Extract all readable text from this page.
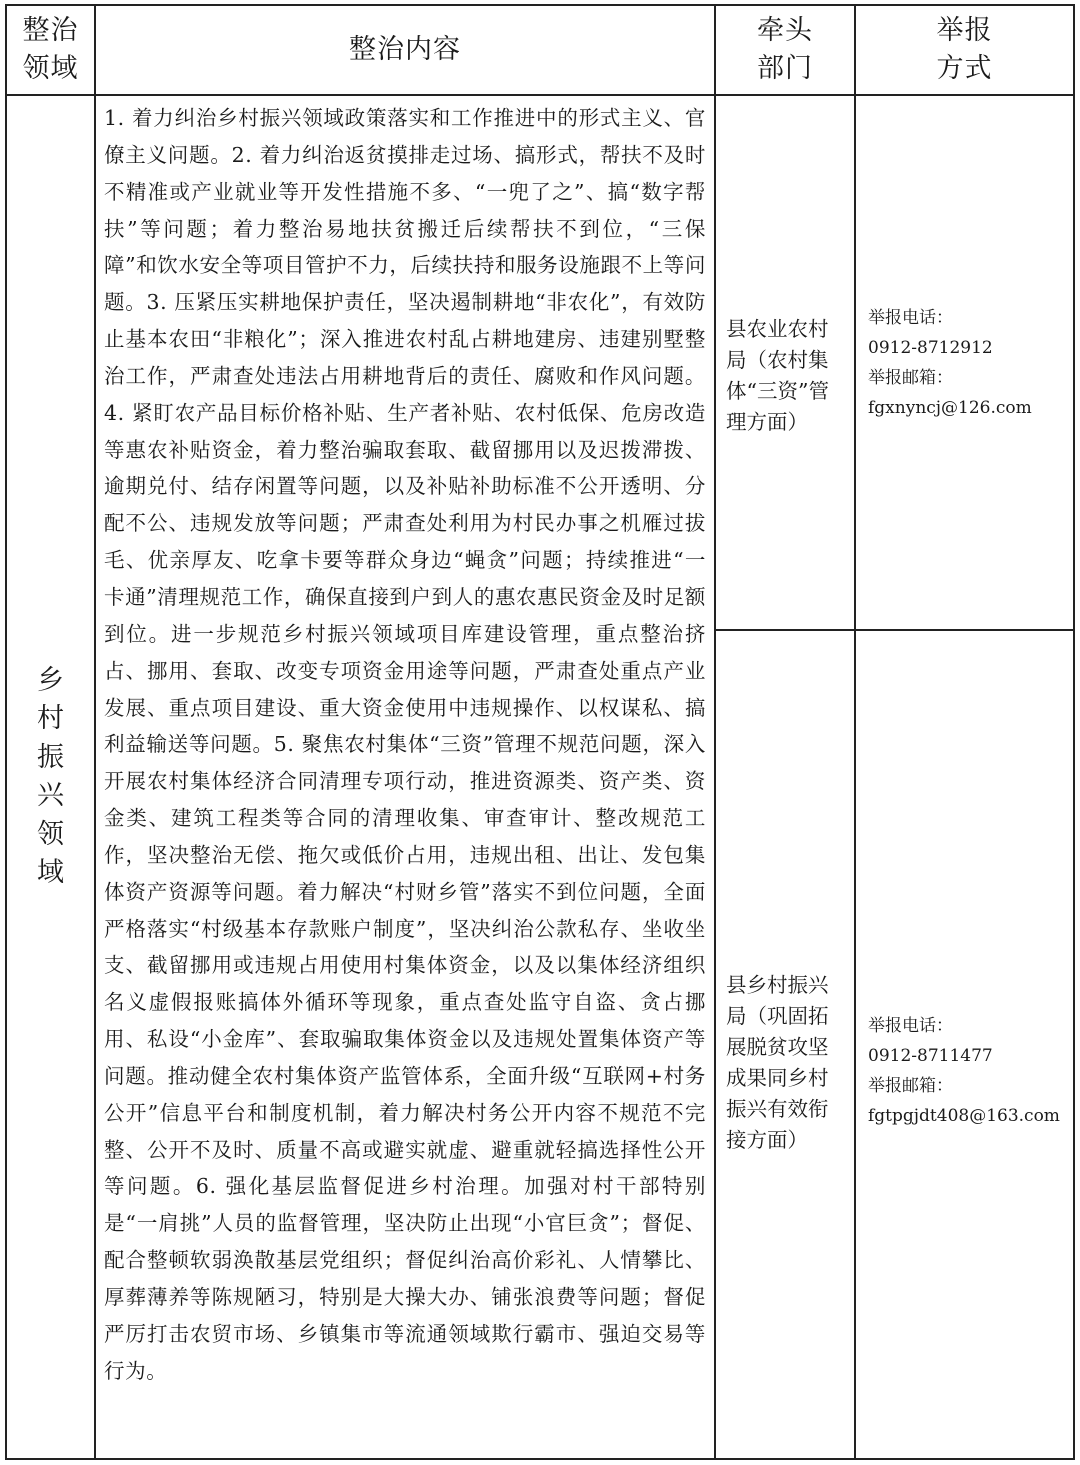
整治
领域
整治内容
牵头
部门
举报
方式
乡
村
振
兴
领
域
1. 着力纠治乡村振兴领域政策落实和工作推进中的形式主义、官僚主义问题。2. 着力纠治返贫摸排走过场、搞形式，帮扶不及时不精准或产业就业等开发性措施不多、“一兜了之”、搞“数字帮扶”等问题；着力整治易地扶贫搬迁后续帮扶不到位，“三保障”和饮水安全等项目管护不力，后续扶持和服务设施跟不上等问题。3. 压紧压实耕地保护责任，坚决遏制耕地“非农化”，有效防止基本农田“非粮化”；深入推进农村乱占耕地建房、违建别墅整治工作，严肃查处违法占用耕地背后的责任、腐败和作风问题。4. 紧盯农产品目标价格补贴、生产者补贴、农村低保、危房改造等惠农补贴资金，着力整治骗取套取、截留挪用以及迟拨滞拨、逾期兑付、结存闲置等问题，以及补贴补助标准不公开透明、分配不公、违规发放等问题；严肃查处利用为村民办事之机雁过拔毛、优亲厚友、吃拿卡要等群众身边“蝇贪”问题；持续推进“一卡通”清理规范工作，确保直接到户到人的惠农惠民资金及时足额到位。进一步规范乡村振兴领域项目库建设管理，重点整治挤占、挪用、套取、改变专项资金用途等问题，严肃查处重点产业发展、重点项目建设、重大资金使用中违规操作、以权谋私、搞利益输送等问题。5. 聚焦农村集体“三资”管理不规范问题，深入开展农村集体经济合同清理专项行动，推进资源类、资产类、资金类、建筑工程类等合同的清理收集、审查审计、整改规范工作，坚决整治无偿、拖欠或低价占用，违规出租、出让、发包集体资产资源等问题。着力解决“村财乡管”落实不到位问题，全面严格落实“村级基本存款账户制度”，坚决纠治公款私存、坐收坐支、截留挪用或违规占用使用村集体资金，以及以集体经济组织名义虚假报账搞体外循环等现象，重点查处监守自盗、贪占挪用、私设“小金库”、套取骗取集体资金以及违规处置集体资产等问题。推动健全农村集体资产监管体系，全面升级“互联网+村务公开”信息平台和制度机制，着力解决村务公开内容不规范不完整、公开不及时、质量不高或避实就虚、避重就轻搞选择性公开等问题。6. 强化基层监督促进乡村治理。加强对村干部特别是“一肩挑”人员的监督管理，坚决防止出现“小官巨贪”；督促、配合整顿软弱涣散基层党组织；督促纠治高价彩礼、人情攀比、厚葬薄养等陈规陋习，特别是大操大办、铺张浪费等问题；督促严厉打击农贸市场、乡镇集市等流通领域欺行霸市、强迫交易等行为。
县农业农村局（农村集体“三资”管理方面）
举报电话：
0912-8712912
举报邮箱：
fgxnyncj@126.com
县乡村振兴局（巩固拓展脱贫攻坚成果同乡村振兴有效衔接方面）
举报电话：
0912-8711477
举报邮箱：
fgtpgjdt408@163.com
